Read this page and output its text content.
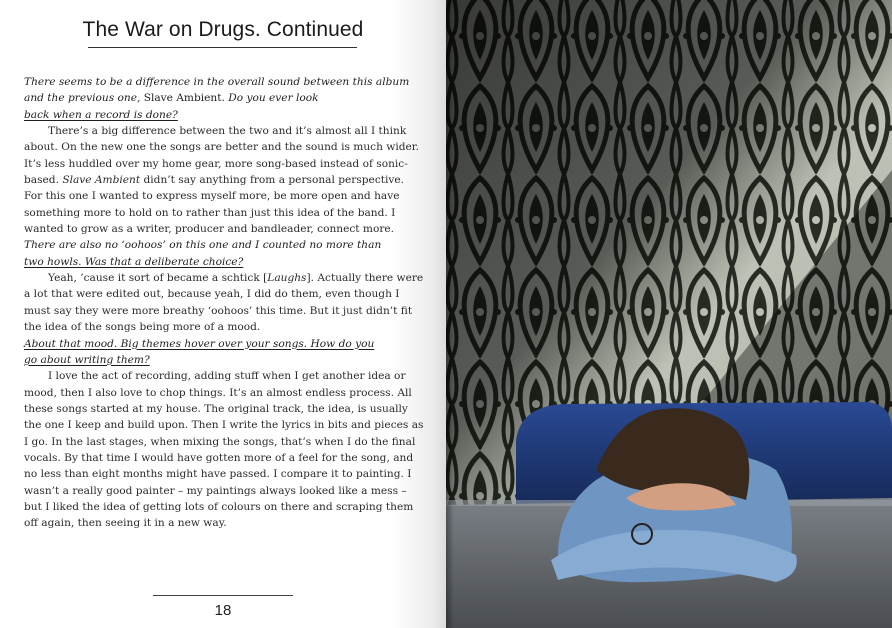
The War on Drugs. Continued

There seems to be a difference in the overall sound between this album and the previous one, Slave Ambient. Do you ever look
back when a record is done?

There’s a big difference between the two and it’s almost all I think about. On the new one the songs are better and the sound is much wider. It’s less huddled over my home gear, more song-based instead of sonic-based. Slave Ambient didn’t say anything from a personal perspective. For this one I wanted to express myself more, be more open and have something more to hold on to rather than just this idea of the band. I wanted to grow as a writer, producer and bandleader, connect more.

There are also no ‘oohoos’ on this one and I counted no more than
two howls. Was that a deliberate choice?

Yeah, ’cause it sort of became a schtick [Laughs]. Actually there were a lot that were edited out, because yeah, I did do them, even though I must say they were more breathy ‘oohoos’ this time. But it just didn’t fit the idea of the songs being more of a mood.

About that mood. Big themes hover over your songs. How do you
go about writing them?

I love the act of recording, adding stuff when I get another idea or mood, then I also love to chop things. It’s an almost endless process. All these songs started at my house. The original track, the idea, is usually the one I keep and build upon. Then I write the lyrics in bits and pieces as I go. In the last stages, when mixing the songs, that’s when I do the final vocals. By that time I would have gotten more of a feel for the song, and no less than eight months might have passed. I compare it to painting. I wasn’t a really good painter – my paintings always looked like a mess – but I liked the idea of getting lots of colours on there and scraping them off again, then seeing it in a new way.

18
